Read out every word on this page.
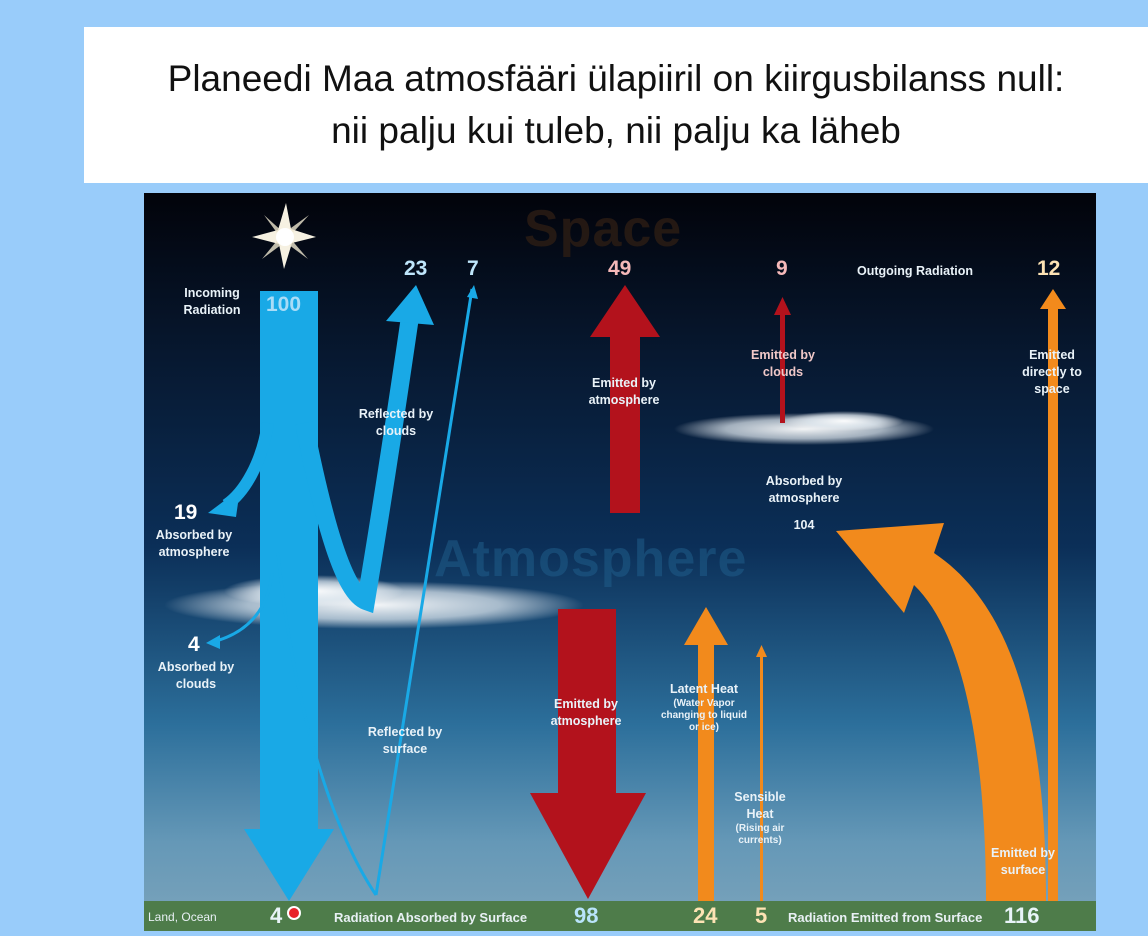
Planeedi Maa atmosfääri ülapiiril on kiirgusbilanss null:
nii palju kui tuleb, nii palju ka läheb
Space
Atmosphere
Incoming Radiation	100
23 7
Reflected by clouds
19
Absorbed by atmosphere
4
Absorbed by clouds
Reflected by surface
49
Emitted by atmosphere
9
Emitted by clouds
Outgoing Radiation
Emitted by atmosphere
12
Emitted directly to space
Absorbed by atmosphere
104
Latent Heat
(Water Vapor changing to liquid or ice)
Sensible Heat
(Rising air currents)
Emitted by surface
Land, Ocean 4	Radiation Absorbed by Surface 98	24 5 Radiation Emitted from Surface 116
